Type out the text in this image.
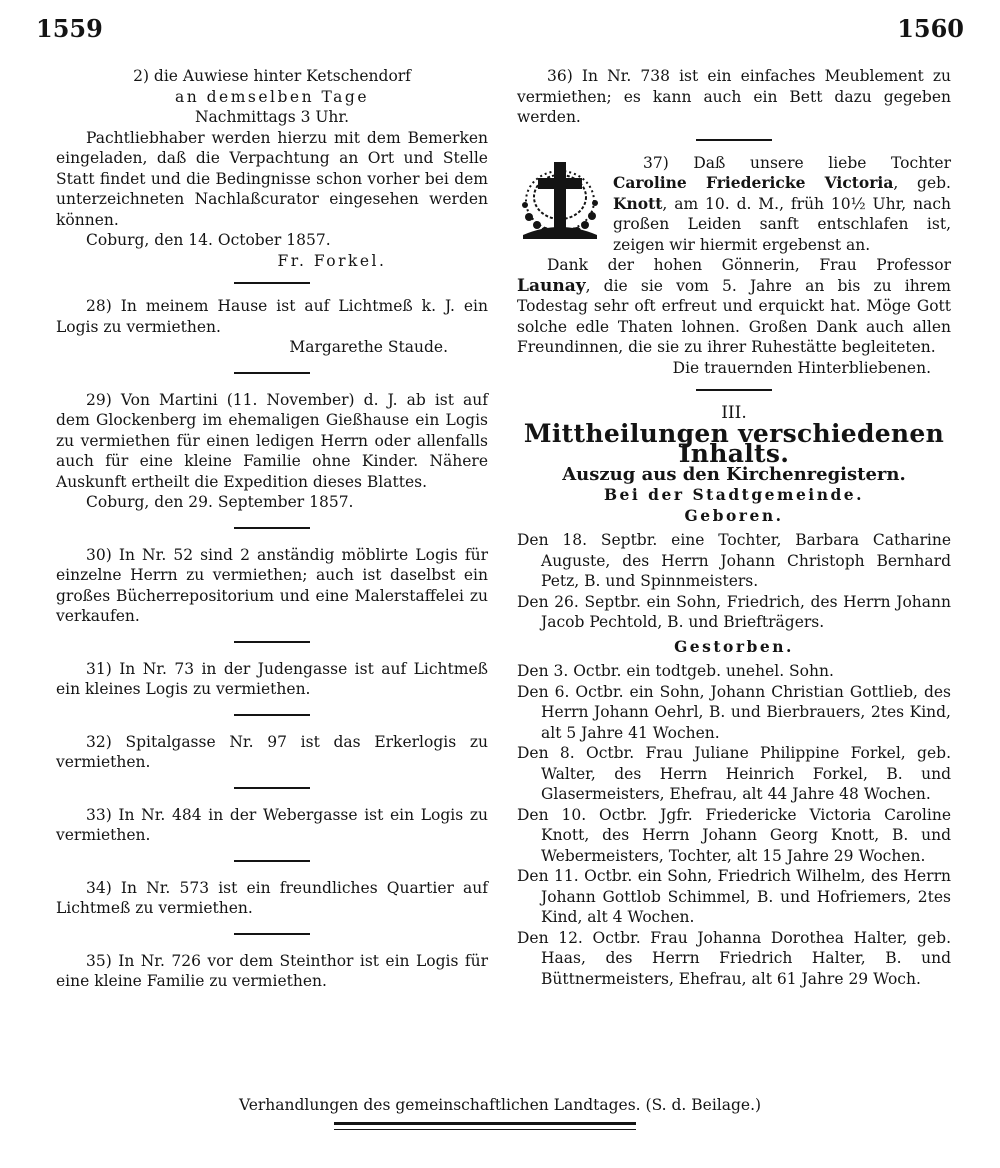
1559	1560

2) die Auwiese hinter Ketschendorf

an demselben Tage

Nachmittags 3 Uhr.

Pachtliebhaber werden hierzu mit dem Bemerken eingeladen, daß die Verpachtung an Ort und Stelle Statt findet und die Bedingnisse schon vorher bei dem unterzeichneten Nachlaßcurator eingesehen werden können.

Coburg, den 14. October 1857.

Fr. Forkel.

28) In meinem Hause ist auf Lichtmeß k. J. ein Logis zu vermiethen.

Margarethe Staude.

29) Von Martini (11. November) d. J. ab ist auf dem Glockenberg im ehemaligen Gießhause ein Logis zu vermiethen für einen ledigen Herrn oder allenfalls auch für eine kleine Familie ohne Kinder. Nähere Auskunft ertheilt die Expedition dieses Blattes.

Coburg, den 29. September 1857.

30) In Nr. 52 sind 2 anständig möblirte Logis für einzelne Herrn zu vermiethen; auch ist daselbst ein großes Bücherrepositorium und eine Malerstaffelei zu verkaufen.

31) In Nr. 73 in der Judengasse ist auf Lichtmeß ein kleines Logis zu vermiethen.

32) Spitalgasse Nr. 97 ist das Erkerlogis zu vermiethen.

33) In Nr. 484 in der Webergasse ist ein Logis zu vermiethen.

34) In Nr. 573 ist ein freundliches Quartier auf Lichtmeß zu vermiethen.

35) In Nr. 726 vor dem Steinthor ist ein Logis für eine kleine Familie zu vermiethen.

36) In Nr. 738 ist ein einfaches Meublement zu vermiethen; es kann auch ein Bett dazu gegeben werden.

37) Daß unsere liebe Tochter Caroline Friedericke Victoria, geb. Knott, am 10. d. M., früh 10½ Uhr, nach großen Leiden sanft entschlafen ist, zeigen wir hiermit ergebenst an.

Dank der hohen Gönnerin, Frau Professor Launay, die sie vom 5. Jahre an bis zu ihrem Todestag sehr oft erfreut und erquickt hat. Möge Gott solche edle Thaten lohnen. Großen Dank auch allen Freundinnen, die sie zu ihrer Ruhestätte begleiteten.

Die trauernden Hinterbliebenen.

III.

Mittheilungen verschiedenen Inhalts.

Auszug aus den Kirchenregistern.

Bei der Stadtgemeinde.

Geboren.

Den 18. Septbr. eine Tochter, Barbara Catharine Auguste, des Herrn Johann Christoph Bernhard Petz, B. und Spinnmeisters.

Den 26. Septbr. ein Sohn, Friedrich, des Herrn Johann Jacob Pechtold, B. und Briefträgers.

Gestorben.

Den 3. Octbr. ein todtgeb. unehel. Sohn.

Den 6. Octbr. ein Sohn, Johann Christian Gottlieb, des Herrn Johann Oehrl, B. und Bierbrauers, 2tes Kind, alt 5 Jahre 41 Wochen.

Den 8. Octbr. Frau Juliane Philippine Forkel, geb. Walter, des Herrn Heinrich Forkel, B. und Glasermeisters, Ehefrau, alt 44 Jahre 48 Wochen.

Den 10. Octbr. Jgfr. Friedericke Victoria Caroline Knott, des Herrn Johann Georg Knott, B. und Webermeisters, Tochter, alt 15 Jahre 29 Wochen.

Den 11. Octbr. ein Sohn, Friedrich Wilhelm, des Herrn Johann Gottlob Schimmel, B. und Hofriemers, 2tes Kind, alt 4 Wochen.

Den 12. Octbr. Frau Johanna Dorothea Halter, geb. Haas, des Herrn Friedrich Halter, B. und Büttnermeisters, Ehefrau, alt 61 Jahre 29 Woch.

Verhandlungen des gemeinschaftlichen Landtages. (S. d. Beilage.)
